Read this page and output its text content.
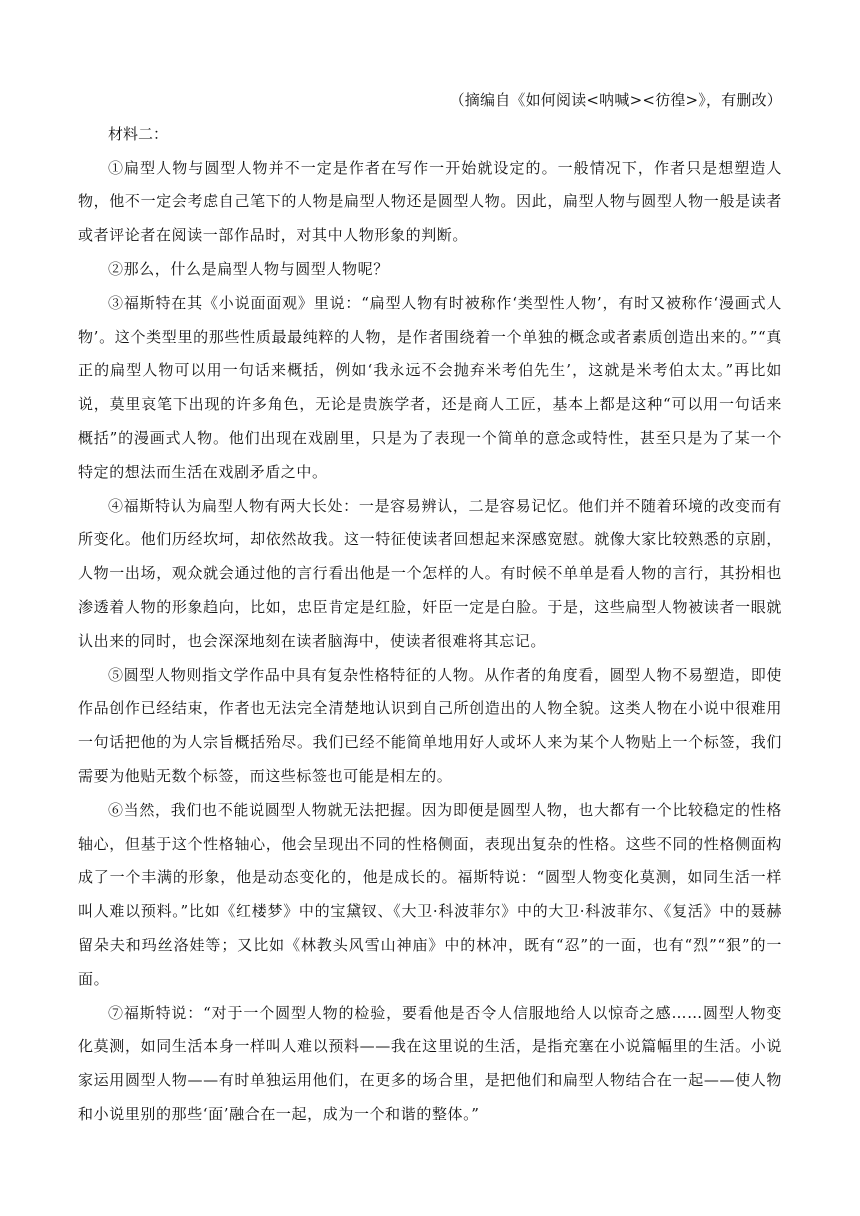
（摘编自《如何阅读<呐喊><彷徨>》，有删改）

材料二：

①扁型人物与圆型人物并不一定是作者在写作一开始就设定的。一般情况下，作者只是想塑造人物，他不一定会考虑自己笔下的人物是扁型人物还是圆型人物。因此，扁型人物与圆型人物一般是读者或者评论者在阅读一部作品时，对其中人物形象的判断。

②那么，什么是扁型人物与圆型人物呢？

③福斯特在其《小说面面观》里说：“扁型人物有时被称作‘类型性人物’，有时又被称作‘漫画式人物’。这个类型里的那些性质最最纯粹的人物，是作者围绕着一个单独的概念或者素质创造出来的。”“真正的扁型人物可以用一句话来概括，例如‘我永远不会抛弃米考伯先生’，这就是米考伯太太。”再比如说，莫里哀笔下出现的许多角色，无论是贵族学者，还是商人工匠，基本上都是这种“可以用一句话来概括”的漫画式人物。他们出现在戏剧里，只是为了表现一个简单的意念或特性，甚至只是为了某一个特定的想法而生活在戏剧矛盾之中。

④福斯特认为扁型人物有两大长处：一是容易辨认，二是容易记忆。他们并不随着环境的改变而有所变化。他们历经坎坷，却依然故我。这一特征使读者回想起来深感宽慰。就像大家比较熟悉的京剧，人物一出场，观众就会通过他的言行看出他是一个怎样的人。有时候不单单是看人物的言行，其扮相也渗透着人物的形象趋向，比如，忠臣肯定是红脸，奸臣一定是白脸。于是，这些扁型人物被读者一眼就认出来的同时，也会深深地刻在读者脑海中，使读者很难将其忘记。

⑤圆型人物则指文学作品中具有复杂性格特征的人物。从作者的角度看，圆型人物不易塑造，即使作品创作已经结束，作者也无法完全清楚地认识到自己所创造出的人物全貌。这类人物在小说中很难用一句话把他的为人宗旨概括殆尽。我们已经不能简单地用好人或坏人来为某个人物贴上一个标签，我们需要为他贴无数个标签，而这些标签也可能是相左的。

⑥当然，我们也不能说圆型人物就无法把握。因为即便是圆型人物，也大都有一个比较稳定的性格轴心，但基于这个性格轴心，他会呈现出不同的性格侧面，表现出复杂的性格。这些不同的性格侧面构成了一个丰满的形象，他是动态变化的，他是成长的。福斯特说：“圆型人物变化莫测，如同生活一样叫人难以预料。”比如《红楼梦》中的宝黛钗、《大卫·科波菲尔》中的大卫·科波菲尔、《复活》中的聂赫留朵夫和玛丝洛娃等；又比如《林教头风雪山神庙》中的林冲，既有“忍”的一面，也有“烈”“狠”的一面。

⑦福斯特说：“对于一个圆型人物的检验，要看他是否令人信服地给人以惊奇之感……圆型人物变化莫测，如同生活本身一样叫人难以预料——我在这里说的生活，是指充塞在小说篇幅里的生活。小说家运用圆型人物——有时单独运用他们，在更多的场合里，是把他们和扁型人物结合在一起——使人物和小说里别的那些‘面’融合在一起，成为一个和谐的整体。”
